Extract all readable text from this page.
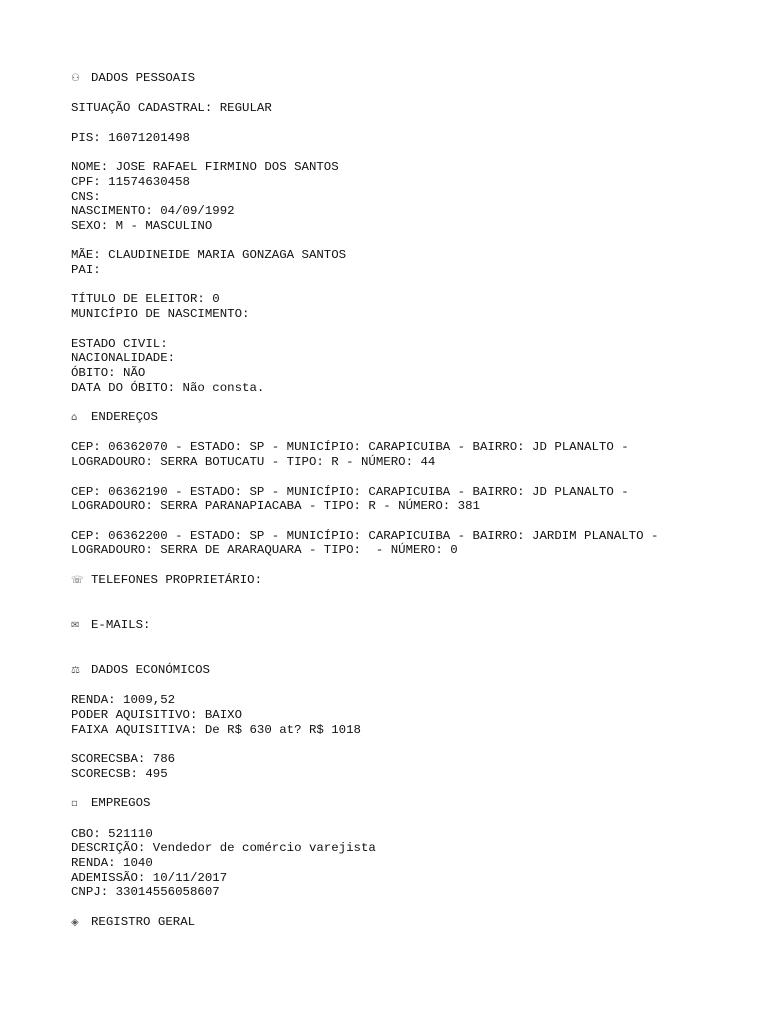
⚇ DADOS PESSOAIS
SITUAÇÃO CADASTRAL: REGULAR
PIS: 16071201498
NOME: JOSE RAFAEL FIRMINO DOS SANTOS
CPF: 11574630458
CNS:
NASCIMENTO: 04/09/1992
SEXO: M - MASCULINO
MÃE: CLAUDINEIDE MARIA GONZAGA SANTOS
PAI:
TÍTULO DE ELEITOR: 0
MUNICÍPIO DE NASCIMENTO:
ESTADO CIVIL:
NACIONALIDADE:
ÓBITO: NÃO
DATA DO ÓBITO: Não consta.
⌂ ENDEREÇOS
CEP: 06362070 - ESTADO: SP - MUNICÍPIO: CARAPICUIBA - BAIRRO: JD PLANALTO -
LOGRADOURO: SERRA BOTUCATU - TIPO: R - NÚMERO: 44
CEP: 06362190 - ESTADO: SP - MUNICÍPIO: CARAPICUIBA - BAIRRO: JD PLANALTO -
LOGRADOURO: SERRA PARANAPIACABA - TIPO: R - NÚMERO: 381
CEP: 06362200 - ESTADO: SP - MUNICÍPIO: CARAPICUIBA - BAIRRO: JARDIM PLANALTO -
LOGRADOURO: SERRA DE ARARAQUARA - TIPO:  - NÚMERO: 0
☏ TELEFONES PROPRIETÁRIO:
✉ E-MAILS:
⚖ DADOS ECONÓMICOS
RENDA: 1009,52
PODER AQUISITIVO: BAIXO
FAIXA AQUISITIVA: De R$ 630 at? R$ 1018
SCORECSBA: 786
SCORECSB: 495
▫ EMPREGOS
CBO: 521110
DESCRIÇÃO: Vendedor de comércio varejista
RENDA: 1040
ADEMISSÃO: 10/11/2017
CNPJ: 33014556058607
◈ REGISTRO GERAL
